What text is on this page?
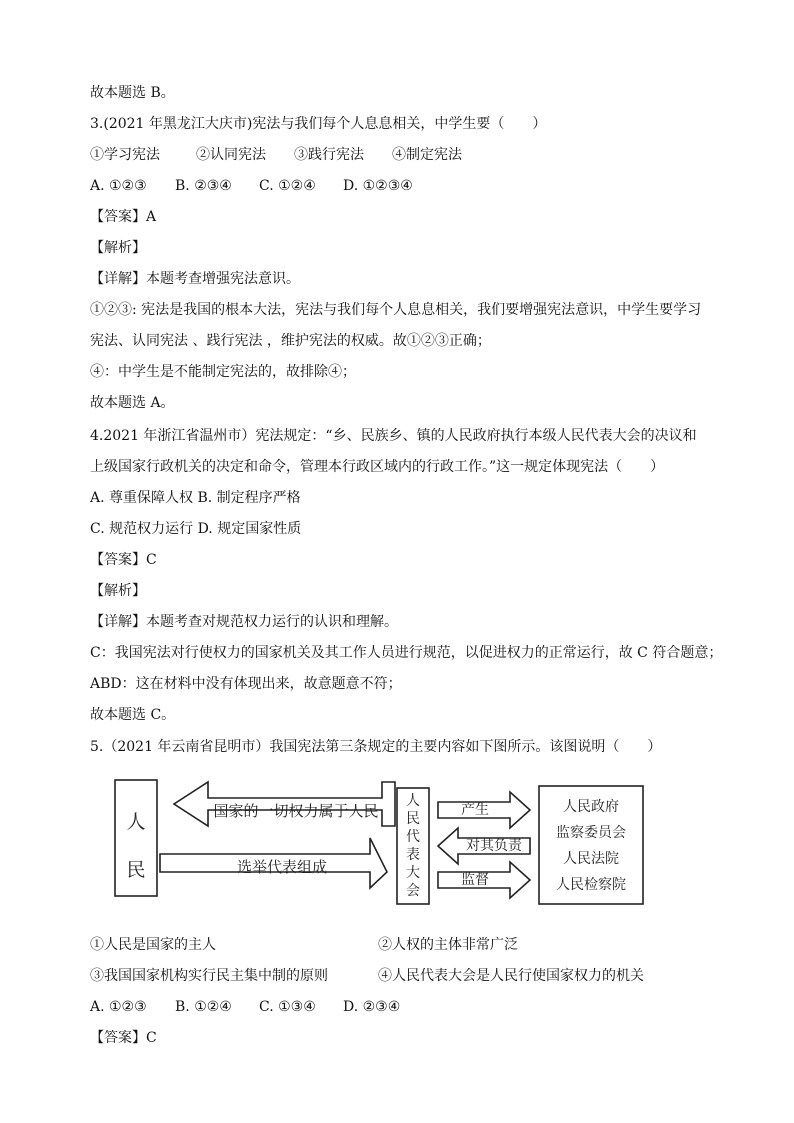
故本题选 B。
3.(2021 年黑龙江大庆市)宪法与我们每个人息息相关，中学生要（　　）
①学习宪法	②认同宪法 ③践行宪法 ④制定宪法
A. ①②③ B. ②③④ C. ①②④ D. ①②③④
【答案】A
【解析】
【详解】本题考查增强宪法意识。
①②③: 宪法是我国的根本大法，宪法与我们每个人息息相关，我们要增强宪法意识，中学生要学习
宪法、认同宪法 、践行宪法 ，维护宪法的权威。故①②③正确；
④：中学生是不能制定宪法的，故排除④；
故本题选 A。
4.2021 年浙江省温州市）宪法规定：“乡、民族乡、镇的人民政府执行本级人民代表大会的决议和
上级国家行政机关的决定和命令，管理本行政区域内的行政工作。”这一规定体现宪法（　　）
A. 尊重保障人权 B. 制定程序严格
C. 规范权力运行 D. 规定国家性质
【答案】C
【解析】
【详解】本题考查对规范权力运行的认识和理解。
C：我国宪法对行使权力的国家机关及其工作人员进行规范，以促进权力的正常运行，故 C 符合题意；
ABD：这在材料中没有体现出来，故意题意不符；
故本题选 C。
5.（2021 年云南省昆明市）我国宪法第三条规定的主要内容如下图所示。该图说明（　　）
人
民
国家的一切权力属于人民
选举代表组成
人
民
代
表
大
会
产生
对其负责
监督
人民政府
监察委员会
人民法院
人民检察院
①人民是国家的主人	②人权的主体非常广泛
③我国国家机构实行民主集中制的原则	④人民代表大会是人民行使国家权力的机关
A. ①②③ B. ①②④ C. ①③④ D. ②③④
【答案】C
